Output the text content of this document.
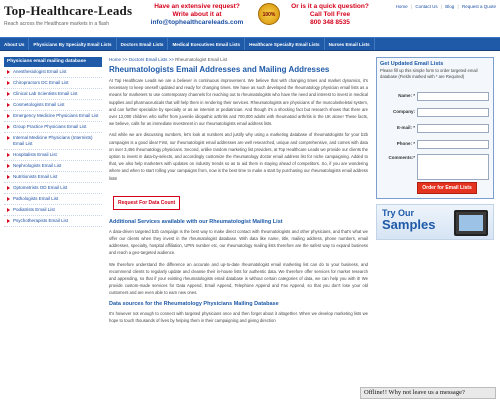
Top-Healthcare-Leads
Reach across the Healthcare markets in a flash
Have an extensive request?
Write about it at
info@tophealthcareleads.com
100%
Or is it a quick question?
Call Toll Free
800 348 8535
Home | Contact Us | Blog | Request a Quote
About Us	Physicians By Specialty Email Lists	Doctors Email Lists	Medical Executives Email Lists	Healthcare Specialty Email Lists	Nurses Email Lists
Physicians email mailing database
Anesthesiologist Email List
Chiropractors DC Email List
Clinical Lab Scientists Email List
Cosmetologists Email List
Emergency Medicine Physicians Email List
Group Practice Physicians Email List
Internal Medicine Physicians (Internists) Email List
Hospitalists Email List
Nephrologists Email List
Nutritionists Email List
Optometrists OD Email List
Pathologists Email List
Podiatrists Email List
Psychotherapists Email List
Home >> Doctors Email Lists >> Rheumatologist Email List
Rheumatologists Email Addresses and Mailing Addresses

At Top Healthcare Leads we are a believer in continuous improvement. We believe that with changing times and market dynamics, it's necessary to keep oneself updated and ready for changing times. We have as such developed the rheumatology physician email lists as a means for marketers to use contemporary channels for reaching out to rheumatologists who have the need and interest to invest in medical supplies and pharmaceuticals that will help them in rendering their services. Rheumatologists are physicians of the musculoskeletal system, and can further specialize by specialty or as an internist or pediatrician. And though it's a shocking fact but research shows that there are over 12,000 children who suffer from juvenile idiopathic arthritis and 700,000 adults with rheumatoid arthritis in the UK alone! These facts, we believe, calls for an immediate investment in our rheumatologists email address lists.

And while we are discussing numbers, let's look at numbers and justify why using a marketing database of rheumatologists for your b2b campaigns is a good idea! First, our rheumatologist email addresses are well researched, unique and comprehensive, and comes with data on over 3,456 rheumatology physicians. Second, unlike random marketing list providers, at Top Healthcare Leads we provide our clients the option to invest in data-by-selects, and accordingly customize the rheumatology doctor email address list for niche campaigning. Added to that, we also help marketers with updates on industry trends so as to aid them in staying ahead of competitors. So, if you are wondering where and when to start rolling your campaigns from, now is the best time to make a start by purchasing our rheumatologists email address lists!

Request For Data Count
Additional Services available with our Rheumatologist Mailing List

A data-driven targeted b2b campaign is the best way to make direct contact with rheumatologists and other physicians, and that's what we offer our clients when they invest in the rheumatologist database. With data like name, title, mailing address, phone numbers, email addresses, specialty, hospital affiliation, UPIN number etc, our rheumatology mailing lists therefore are the safest way to expand business and reach a geo-targeted audience.

We therefore understand the difference an accurate and up-to-date rheumatologist email marketing list can do to your business, and recommend clients to regularly update and cleanse their in-house lists for authentic data. We therefore offer services for market research and appending, so that if your existing rheumatologists email database is without certain categories of data, we can help you with it! We provide custom-made services for Data Append, Email Append, Telephone Append and Fax Append, so that you don't lose your old customers and are even able to earn new ones.

Data sources for the Rheumatology Physicians Mailing Database

It's however not enough to connect with targeted physicians once and then forget about it altogether. When we develop marketing lists we hope to touch thousands of lives by helping them in their campaigning and giving direction

Get Updated Email Lists
Please fill up this simple form to order targeted email database (Fields marked with * are Required)
Name: *
Company:
E-mail: *
Phone: *
Comments:*
Order for Email Lists
Try Our
Samples
Offline!! Why not leave us a message?
